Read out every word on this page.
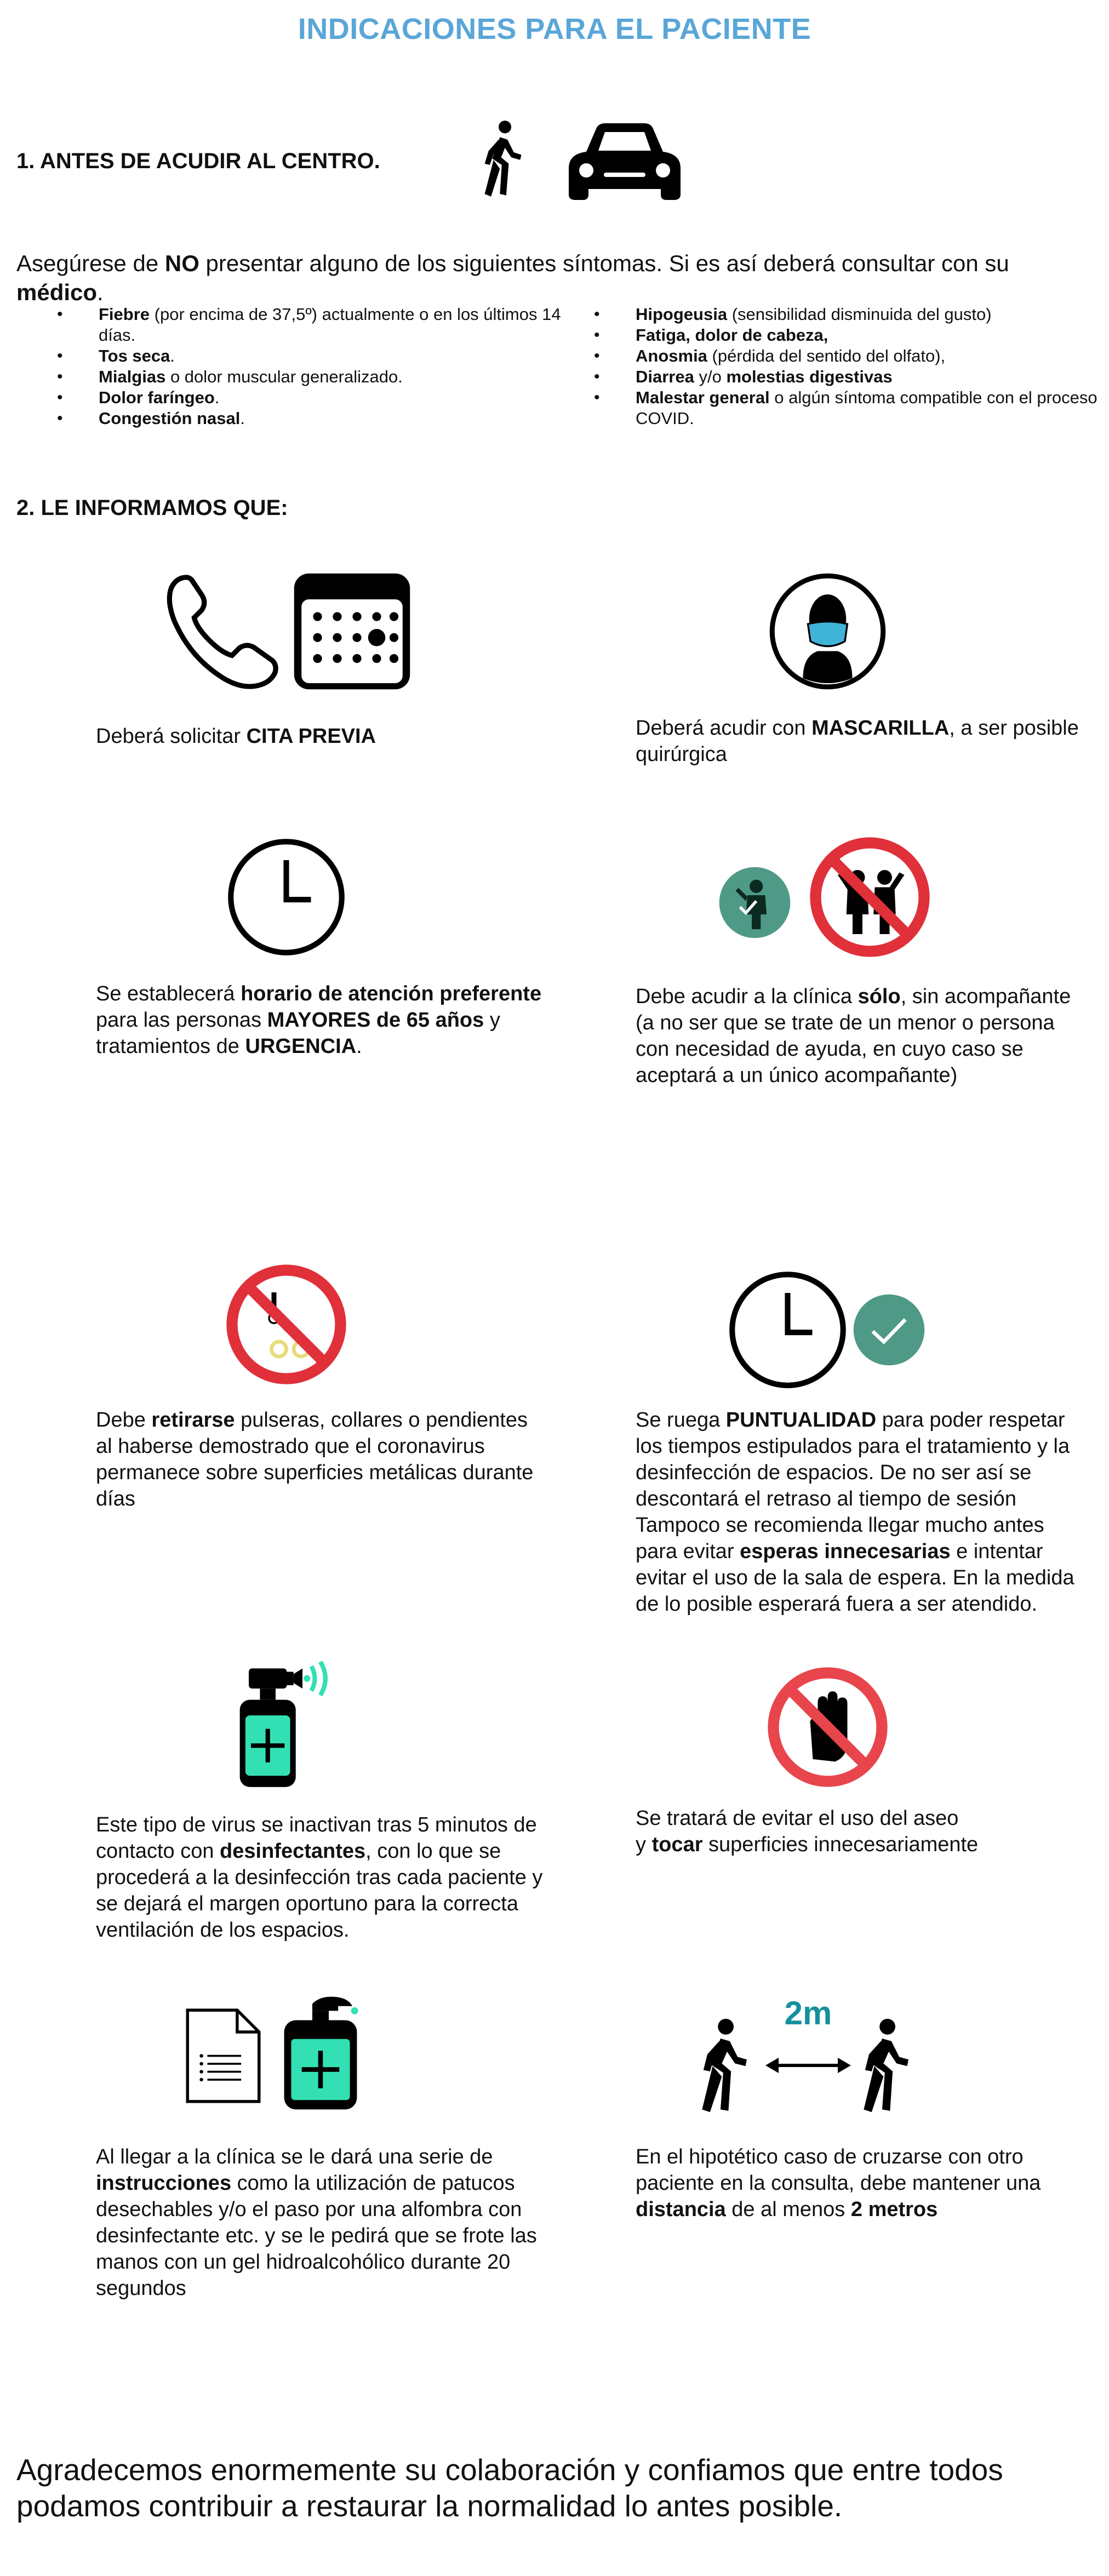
INDICACIONES PARA EL PACIENTE
1. ANTES DE ACUDIR AL CENTRO.
Asegúrese de NO presentar alguno de los siguientes síntomas. Si es así deberá consultar con su médico.
• Fiebre (por encima de 37,5º) actualmente o en los últimos 14 días.
• Tos seca.
• Mialgias o dolor muscular generalizado.
• Dolor faríngeo.
• Congestión nasal.
• Hipogeusia (sensibilidad disminuida del gusto)
• Fatiga, dolor de cabeza,
• Anosmia (pérdida del sentido del olfato),
• Diarrea y/o molestias digestivas
• Malestar general o algún síntoma compatible con el proceso COVID.
2. LE INFORMAMOS QUE:
Deberá solicitar CITA PREVIA	Deberá acudir con MASCARILLA, a ser posible quirúrgica
Se establecerá horario de atención preferente para las personas MAYORES de 65 años y tratamientos de URGENCIA.
Debe acudir a la clínica sólo, sin acompañante (a no ser que se trate de un menor o persona con necesidad de ayuda, en cuyo caso se aceptará a un único acompañante)
Debe retirarse pulseras, collares o pendientes al haberse demostrado que el coronavirus permanece sobre superficies metálicas durante días
Se ruega PUNTUALIDAD para poder respetar los tiempos estipulados para el tratamiento y la desinfección de espacios. De no ser así se descontará el retraso al tiempo de sesión
Tampoco se recomienda llegar mucho antes para evitar esperas innecesarias e intentar evitar el uso de la sala de espera. En la medida de lo posible esperará fuera a ser atendido.
Este tipo de virus se inactivan tras 5 minutos de contacto con desinfectantes, con lo que se procederá a la desinfección tras cada paciente y se dejará el margen oportuno para la correcta ventilación de los espacios.
Se tratará de evitar el uso del aseo
y tocar superficies innecesariamente
Al llegar a la clínica se le dará una serie de instrucciones como la utilización de patucos desechables y/o el paso por una alfombra con desinfectante etc. y se le pedirá que se frote las manos con un gel hidroalcohólico durante 20 segundos
2m
En el hipotético caso de cruzarse con otro paciente en la consulta, debe mantener una distancia de al menos 2 metros
Agradecemos enormemente su colaboración y confiamos que entre todos podamos contribuir a restaurar la normalidad lo antes posible.
